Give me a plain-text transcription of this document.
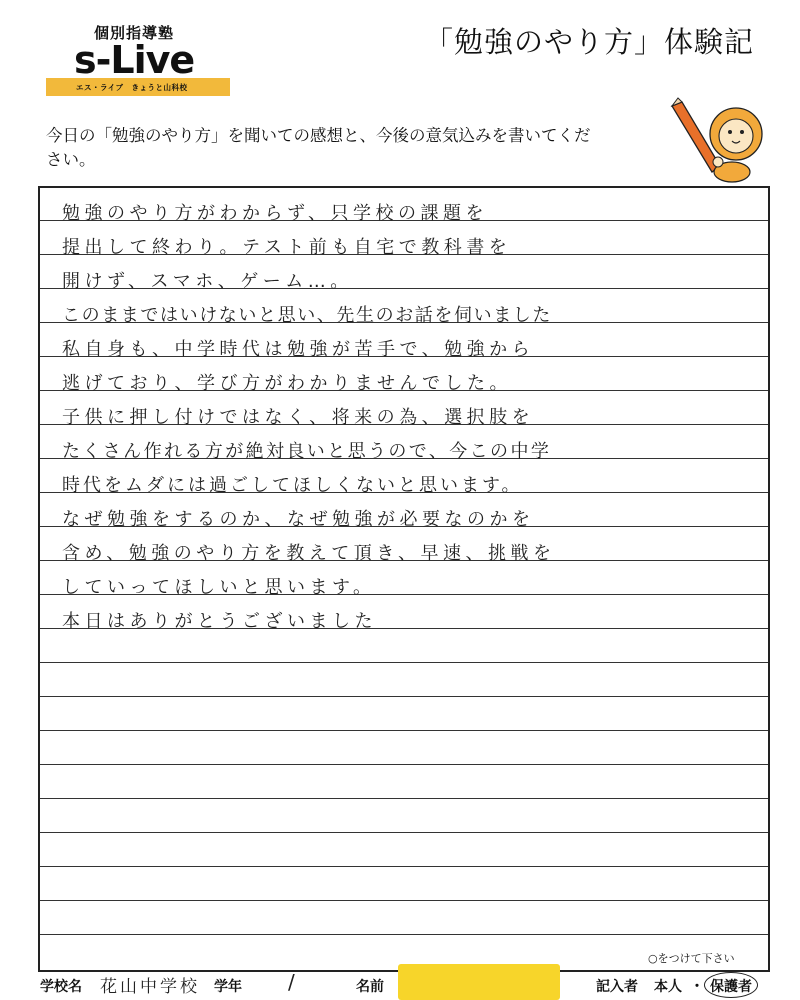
個別指導塾
s-Live
エス・ライブ　きょうと山科校
「勉強のやり方」体験記
今日の「勉強のやり方」を聞いての感想と、今後の意気込みを書いてください。
勉強のやり方がわからず、只学校の課題を
提出して終わり。テスト前も自宅で教科書を
開けず、スマホ、ゲーム…。
このままではいけないと思い、先生のお話を伺いました
私自身も、中学時代は勉強が苦手で、勉強から
逃げており、学び方がわかりませんでした。
子供に押し付けではなく、将来の為、選択肢を
たくさん作れる方が絶対良いと思うので、今この中学
時代をムダには過ごしてほしくないと思います。
なぜ勉強をするのか、なぜ勉強が必要なのかを
含め、勉強のやり方を教えて頂き、早速、挑戦を
していってほしいと思います。
本日はありがとうございました
学校名 花山中学校 学年 /	名前
○をつけて下さい
記入者 本人 ・ 保護者
